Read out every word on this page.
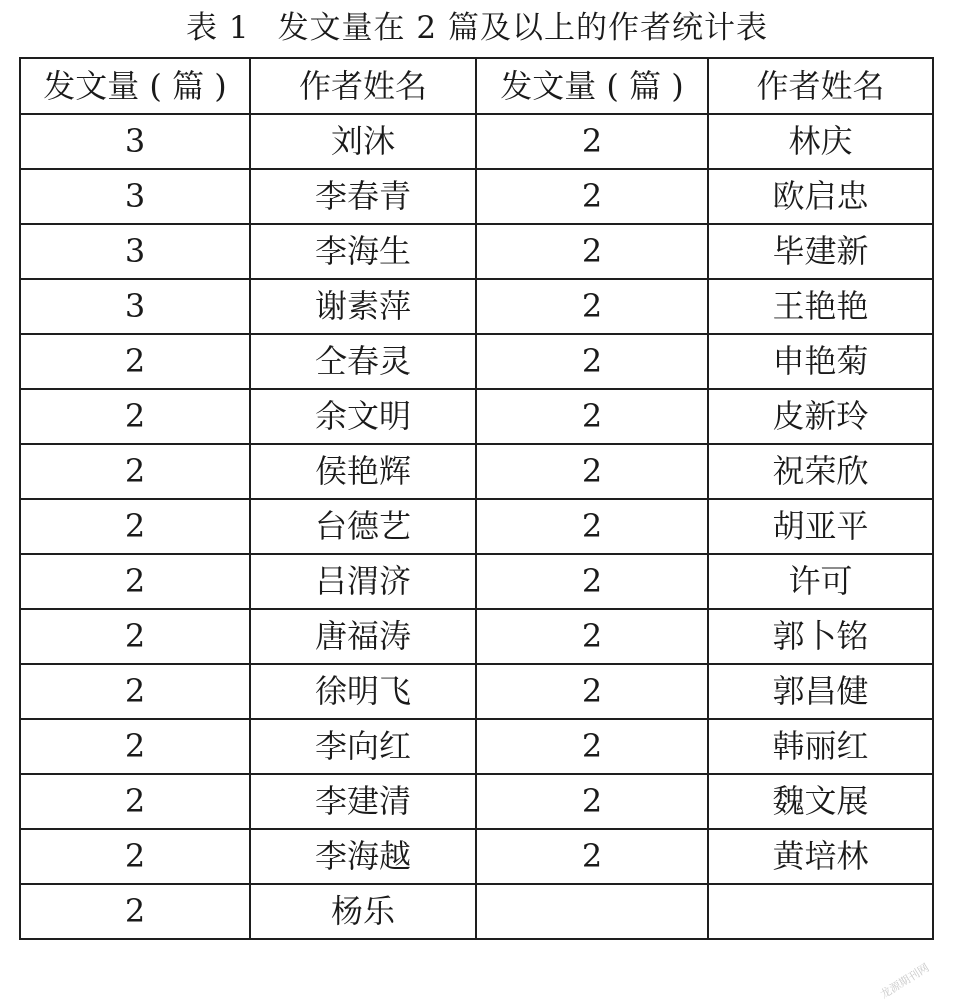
表 1 发文量在 2 篇及以上的作者统计表
发文量 ( 篇 )	作者姓名	发文量 ( 篇 )	作者姓名
3	刘沐	2	林庆
3	李春青	2	欧启忠
3	李海生	2	毕建新
3	谢素萍	2	王艳艳
2	仝春灵	2	申艳菊
2	余文明	2	皮新玲
2	侯艳辉	2	祝荣欣
2	台德艺	2	胡亚平
2	吕渭济	2	许可
2	唐福涛	2	郭卜铭
2	徐明飞	2	郭昌健
2	李向红	2	韩丽红
2	李建清	2	魏文展
2	李海越	2	黄培林
2	杨乐		
龙源期刊网
